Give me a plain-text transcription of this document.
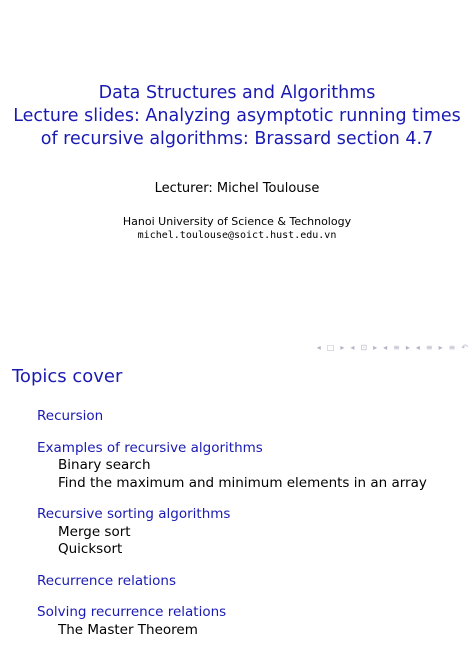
Data Structures and Algorithms
Lecture slides: Analyzing asymptotic running times
of recursive algorithms: Brassard section 4.7
Lecturer: Michel Toulouse
Hanoi University of Science & Technology
michel.toulouse@soict.hust.edu.vn
◂ □ ▸ ◂ ⊡ ▸ ◂ ≡ ▸ ◂ ≡ ▸ ≡ ↶
Topics cover
Recursion
Examples of recursive algorithms
Binary search
Find the maximum and minimum elements in an array
Recursive sorting algorithms
Merge sort
Quicksort
Recurrence relations
Solving recurrence relations
The Master Theorem
